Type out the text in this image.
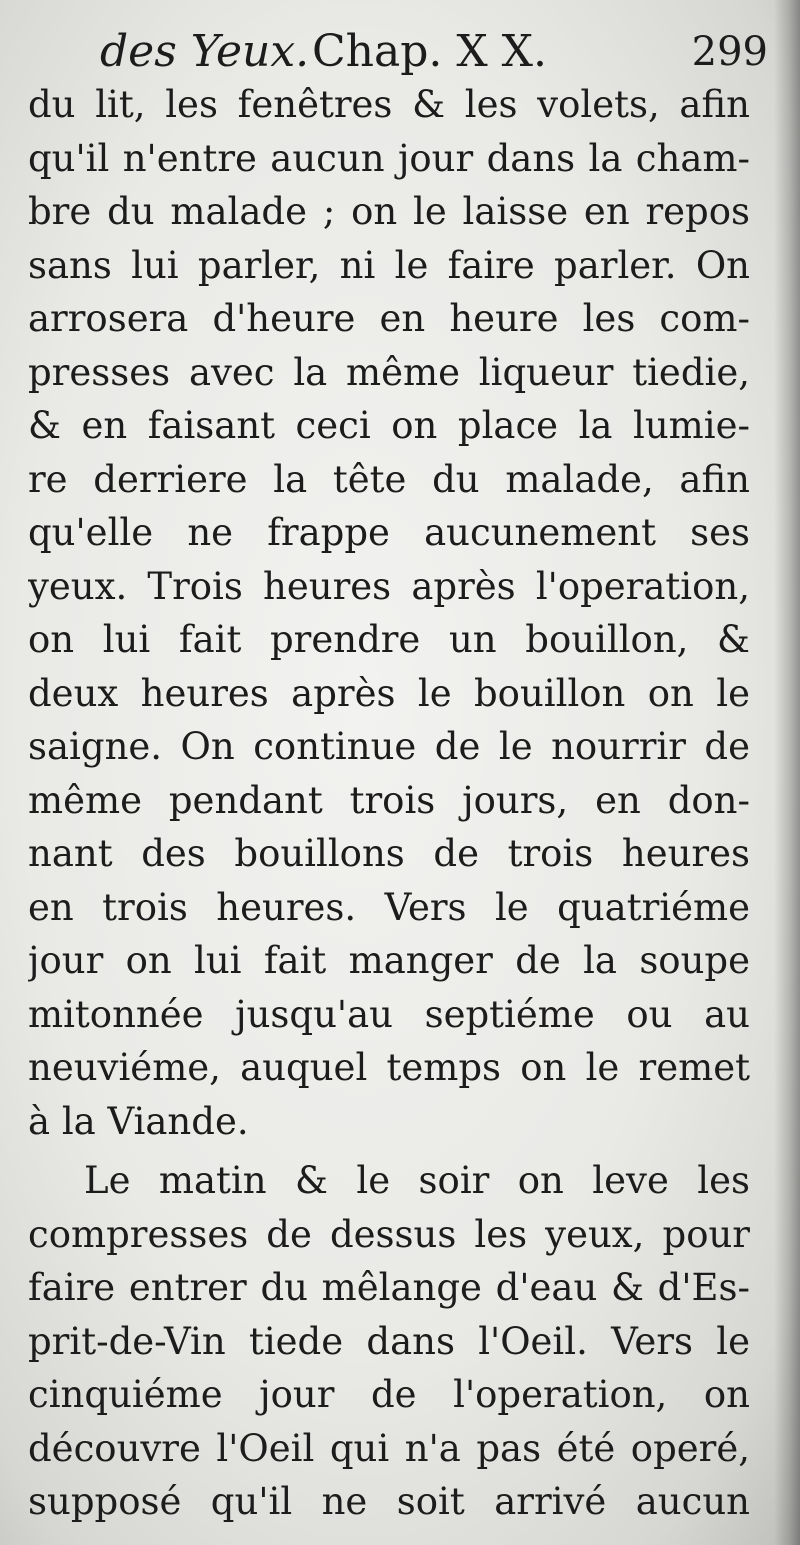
des Yeux. Chap. X X.	299
du lit, les fenêtres & les volets, afin
qu'il n'entre aucun jour dans la cham-
bre du malade ; on le laisse en repos
sans lui parler, ni le faire parler. On
arrosera d'heure en heure les com-
presses avec la même liqueur tiedie,
& en faisant ceci on place la lumie-
re derriere la tête du malade, afin
qu'elle ne frappe aucunement ses
yeux. Trois heures après l'operation,
on lui fait prendre un bouillon, &
deux heures après le bouillon on le
saigne. On continue de le nourrir de
même pendant trois jours, en don-
nant des bouillons de trois heures
en trois heures. Vers le quatriéme
jour on lui fait manger de la soupe
mitonnée jusqu'au septiéme ou au
neuviéme, auquel temps on le remet
à la Viande.
Le matin & le soir on leve les
compresses de dessus les yeux, pour
faire entrer du mêlange d'eau & d'Es-
prit-de-Vin tiede dans l'Oeil. Vers le
cinquiéme jour de l'operation, on
découvre l'Oeil qui n'a pas été operé,
supposé qu'il ne soit arrivé aucun
